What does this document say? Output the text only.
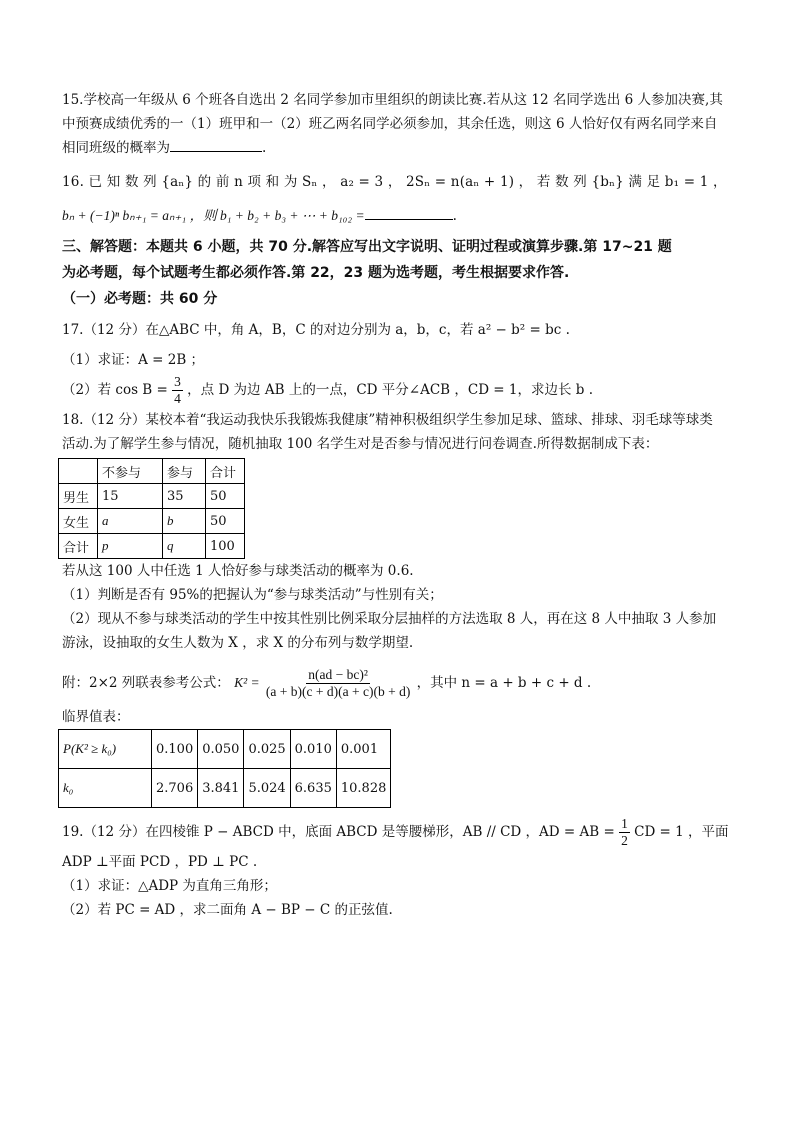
15.学校高一年级从 6 个班各自选出 2 名同学参加市里组织的朗读比赛.若从这 12 名同学选出 6 人参加决赛,其

中预赛成绩优秀的一（1）班甲和一（2）班乙两名同学必须参加，其余任选，则这 6 人恰好仅有两名同学来自

相同班级的概率为	.

16. 已 知 数 列 {aₙ} 的 前 n 项 和 为 Sₙ ， a₂ = 3 ， 2Sₙ = n(aₙ + 1) ， 若 数 列 {bₙ} 满 足 b₁ = 1 ，

bₙ + (−1)ⁿ bₙ₊₁ = aₙ₊₁ ，则 b₁ + b₂ + b₃ + ⋯ + b₁₀₂ =	.

三、解答题：本题共 6 小题，共 70 分.解答应写出文字说明、证明过程或演算步骤.第 17~21 题

为必考题，每个试题考生都必须作答.第 22，23 题为选考题，考生根据要求作答.

（一）必考题：共 60 分

17.（12 分）在△ABC 中，角 A，B，C 的对边分别为 a，b，c，若 a² − b² = bc .

（1）求证：A = 2B ；

（2）若 $\cos B = \frac{3}{4}$ ，点 D 为边 AB 上的一点，CD 平分∠ACB ，CD = 1，求边长 b .

18.（12 分）某校本着“我运动我快乐我锻炼我健康”精神积极组织学生参加足球、篮球、排球、羽毛球等球类

活动.为了解学生参与情况，随机抽取 100 名学生对是否参与情况进行问卷调查.所得数据制成下表：

	不参与	参与	合计
男生	15	35	50
女生	a	b	50
合计	p	q	100

若从这 100 人中任选 1 人恰好参与球类活动的概率为 0.6.

（1）判断是否有 95%的把握认为“参与球类活动”与性别有关；

（2）现从不参与球类活动的学生中按其性别比例采取分层抽样的方法选取 8 人，再在这 8 人中抽取 3 人参加

游泳，设抽取的女生人数为 X ，求 X 的分布列与数学期望.

附：2×2 列联表参考公式： $K^2 = \frac{\text{n(ad − bc)²}}{(a + b)(c + d)(a + c)(b + d)}$ ，其中 n = a + b + c + d .

临界值表：

P(K² ≥ k₀)	0.100	0.050	0.025	0.010	0.001
k₀	2.706	3.841	5.024	6.635	10.828

19.（12 分）在四棱锥 P − ABCD 中，底面 ABCD 是等腰梯形，AB // CD ，AD = AB = $\frac{1}{2}$ CD = 1 ，平面

ADP ⊥平面 PCD ，PD ⊥ PC .

（1）求证：△ADP 为直角三角形；

（2）若 PC = AD ，求二面角 A − BP − C 的正弦值.
